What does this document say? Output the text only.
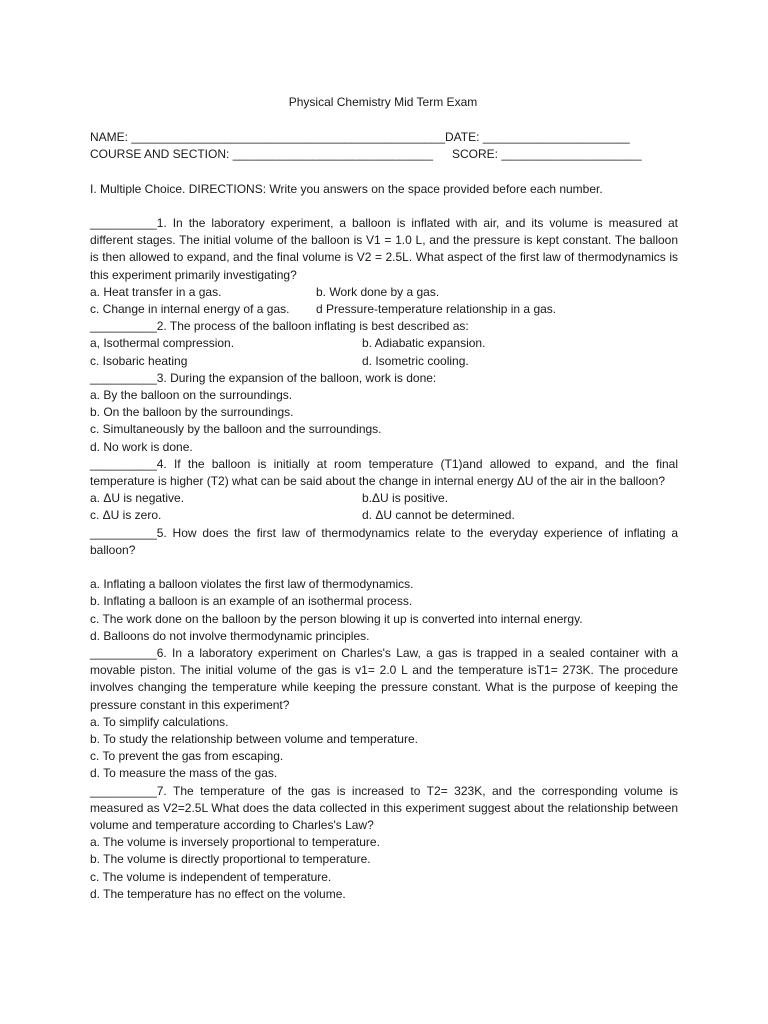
Physical Chemistry Mid Term Exam
NAME: _______________________________________________ DATE: ______________________
COURSE AND SECTION: ______________________________	SCORE: _____________________
I. Multiple Choice. DIRECTIONS: Write you answers on the space provided before each number.
__________1. In the laboratory experiment, a balloon is inflated with air, and its volume is measured at different stages. The initial volume of the balloon is V1 = 1.0 L, and the pressure is kept constant. The balloon is then allowed to expand, and the final volume is V2 = 2.5L. What aspect of the first law of thermodynamics is this experiment primarily investigating?
a. Heat transfer in a gas.	b. Work done by a gas.
c. Change in internal energy of a gas.	d Pressure-temperature relationship in a gas.
__________2. The process of the balloon inflating is best described as:
a, Isothermal compression.	b. Adiabatic expansion.
c. Isobaric heating	d. Isometric cooling.
__________3. During the expansion of the balloon, work is done:
a. By the balloon on the surroundings.
b. On the balloon by the surroundings.
c. Simultaneously by the balloon and the surroundings.
d. No work is done.
__________4. If the balloon is initially at room temperature (T1)and allowed to expand, and the final temperature is higher (T2) what can be said about the change in internal energy ΔU of the air in the balloon?
a. ΔU is negative.	b.ΔU is positive.
c. ΔU is zero.	d. ΔU cannot be determined.
__________5. How does the first law of thermodynamics relate to the everyday experience of inflating a balloon?
a. Inflating a balloon violates the first law of thermodynamics.
b. Inflating a balloon is an example of an isothermal process.
c. The work done on the balloon by the person blowing it up is converted into internal energy.
d. Balloons do not involve thermodynamic principles.
__________6. In a laboratory experiment on Charles's Law, a gas is trapped in a sealed container with a movable piston. The initial volume of the gas is v1= 2.0 L and the temperature isT1= 273K. The procedure involves changing the temperature while keeping the pressure constant. What is the purpose of keeping the pressure constant in this experiment?
a. To simplify calculations.
b. To study the relationship between volume and temperature.
c. To prevent the gas from escaping.
d. To measure the mass of the gas.
__________7. The temperature of the gas is increased to T2= 323K, and the corresponding volume is measured as V2=2.5L What does the data collected in this experiment suggest about the relationship between volume and temperature according to Charles's Law?
a. The volume is inversely proportional to temperature.
b. The volume is directly proportional to temperature.
c. The volume is independent of temperature.
d. The temperature has no effect on the volume.
